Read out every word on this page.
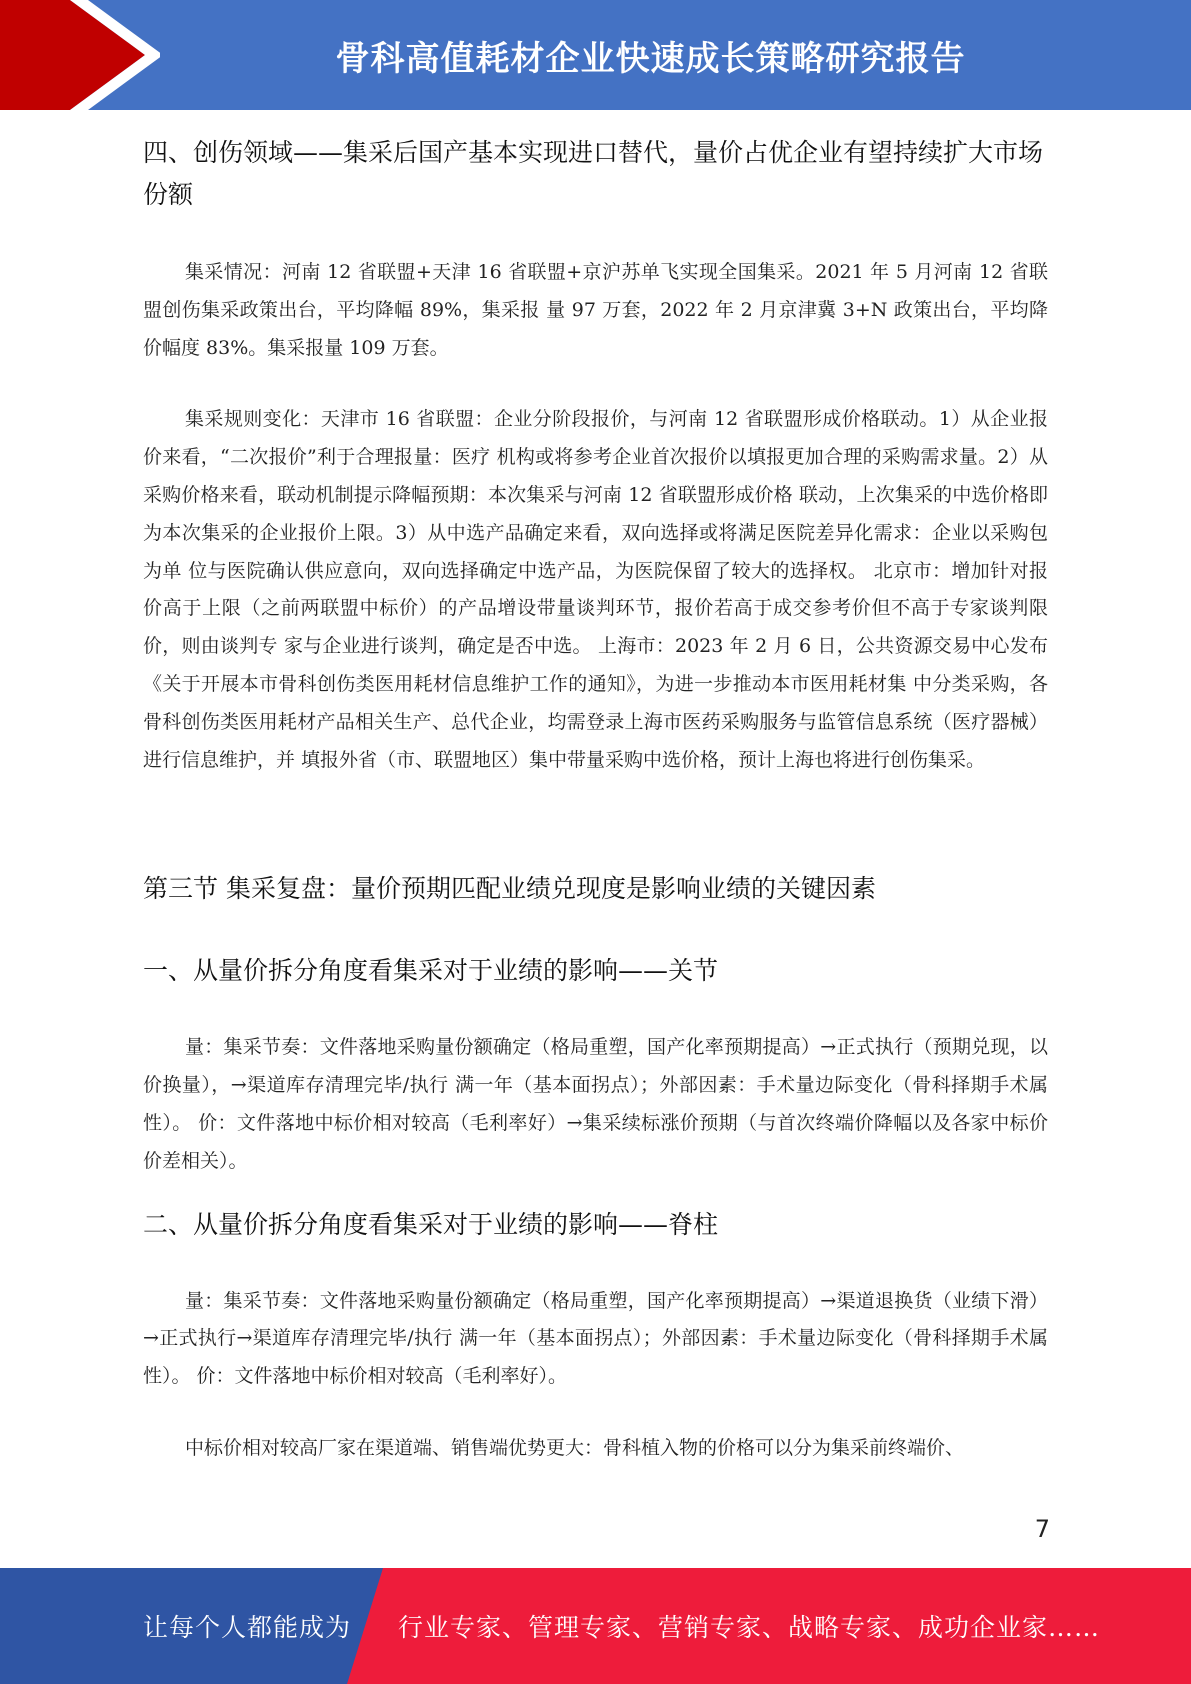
骨科高值耗材企业快速成长策略研究报告
四、创伤领域——集采后国产基本实现进口替代，量价占优企业有望持续扩大市场份额

集采情况：河南 12 省联盟+天津 16 省联盟+京沪苏单飞实现全国集采。2021 年 5 月河南 12 省联盟创伤集采政策出台，平均降幅 89%，集采报 量 97 万套，2022 年 2 月京津冀 3+N 政策出台，平均降价幅度 83%。集采报量 109 万套。

集采规则变化：天津市 16 省联盟：企业分阶段报价，与河南 12 省联盟形成价格联动。1）从企业报价来看，“二次报价”利于合理报量：医疗 机构或将参考企业首次报价以填报更加合理的采购需求量。2）从采购价格来看，联动机制提示降幅预期：本次集采与河南 12 省联盟形成价格 联动，上次集采的中选价格即为本次集采的企业报价上限。3）从中选产品确定来看，双向选择或将满足医院差异化需求：企业以采购包为单 位与医院确认供应意向，双向选择确定中选产品，为医院保留了较大的选择权。 北京市：增加针对报价高于上限（之前两联盟中标价）的产品增设带量谈判环节，报价若高于成交参考价但不高于专家谈判限价，则由谈判专 家与企业进行谈判，确定是否中选。 上海市：2023 年 2 月 6 日，公共资源交易中心发布《关于开展本市骨科创伤类医用耗材信息维护工作的通知》，为进一步推动本市医用耗材集 中分类采购，各骨科创伤类医用耗材产品相关生产、总代企业，均需登录上海市医药采购服务与监管信息系统（医疗器械）进行信息维护，并 填报外省（市、联盟地区）集中带量采购中选价格，预计上海也将进行创伤集采。

第三节 集采复盘：量价预期匹配业绩兑现度是影响业绩的关键因素
一、从量价拆分角度看集采对于业绩的影响——关节

量：集采节奏：文件落地采购量份额确定（格局重塑，国产化率预期提高）→正式执行（预期兑现，以价换量），→渠道库存清理完毕/执行 满一年（基本面拐点）；外部因素：手术量边际变化（骨科择期手术属性）。 价：文件落地中标价相对较高（毛利率好）→集采续标涨价预期（与首次终端价降幅以及各家中标价价差相关）。

二、从量价拆分角度看集采对于业绩的影响——脊柱

量：集采节奏：文件落地采购量份额确定（格局重塑，国产化率预期提高）→渠道退换货（业绩下滑）→正式执行→渠道库存清理完毕/执行 满一年（基本面拐点）；外部因素：手术量边际变化（骨科择期手术属性）。 价：文件落地中标价相对较高（毛利率好）。

中标价相对较高厂家在渠道端、销售端优势更大：骨科植入物的价格可以分为集采前终端价、

7
让每个人都能成为 行业专家、管理专家、营销专家、战略专家、成功企业家……
